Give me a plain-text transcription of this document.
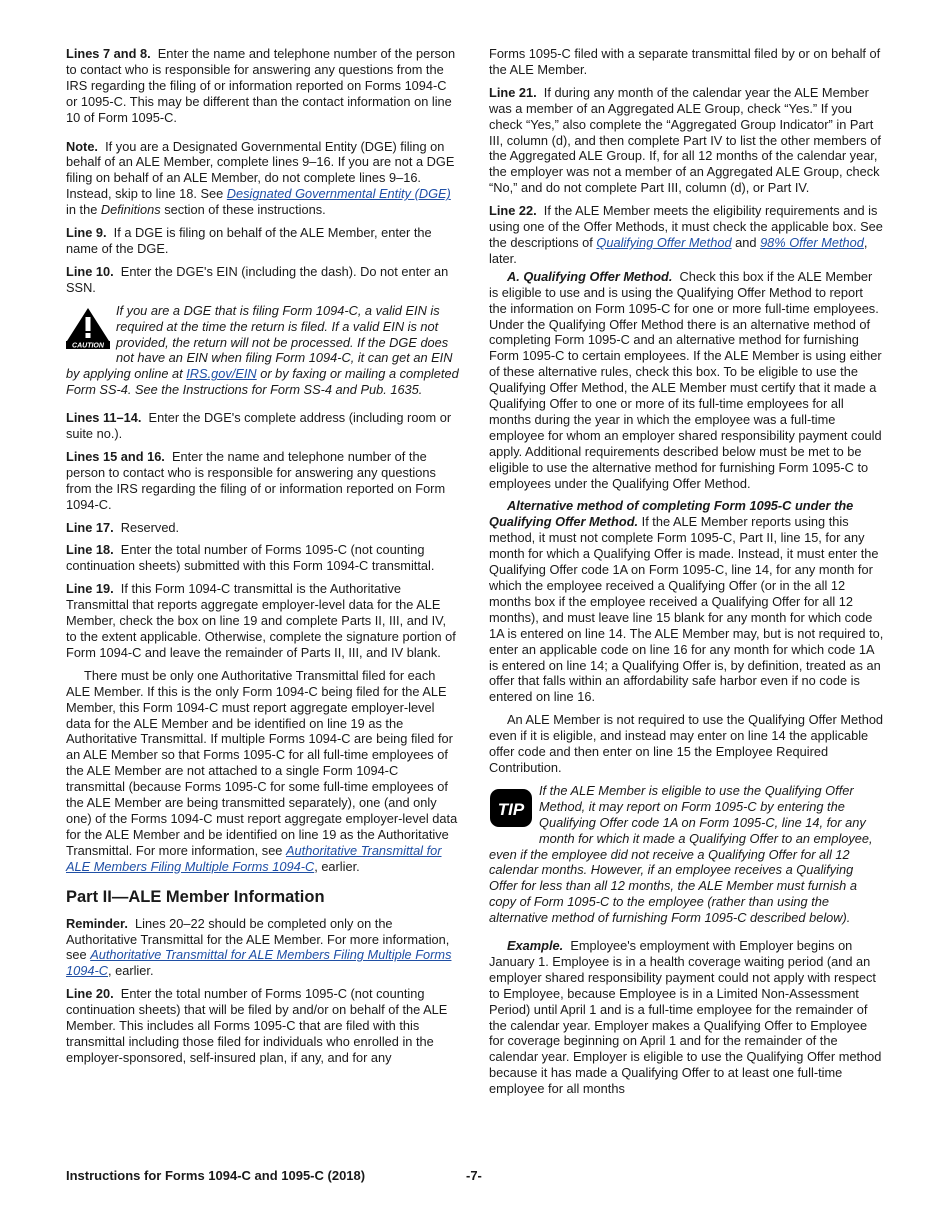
Lines 7 and 8. Enter the name and telephone number of the person to contact who is responsible for answering any questions from the IRS regarding the filing of or information reported on Forms 1094-C or 1095-C. This may be different than the contact information on line 10 of Form 1095-C.

Note. If you are a Designated Governmental Entity (DGE) filing on behalf of an ALE Member, complete lines 9–16. If you are not a DGE filing on behalf of an ALE Member, do not complete lines 9–16. Instead, skip to line 18. See Designated Governmental Entity (DGE) in the Definitions section of these instructions.

Line 9. If a DGE is filing on behalf of the ALE Member, enter the name of the DGE.

Line 10. Enter the DGE's EIN (including the dash). Do not enter an SSN.

CAUTION
If you are a DGE that is filing Form 1094-C, a valid EIN is required at the time the return is filed. If a valid EIN is not provided, the return will not be processed. If the DGE does not have an EIN when filing Form 1094-C, it can get an EIN by applying online at IRS.gov/EIN or by faxing or mailing a completed Form SS-4. See the Instructions for Form SS-4 and Pub. 1635.

Lines 11–14. Enter the DGE's complete address (including room or suite no.).

Lines 15 and 16. Enter the name and telephone number of the person to contact who is responsible for answering any questions from the IRS regarding the filing of or information reported on Form 1094-C.

Line 17. Reserved.

Line 18. Enter the total number of Forms 1095-C (not counting continuation sheets) submitted with this Form 1094-C transmittal.

Line 19. If this Form 1094-C transmittal is the Authoritative Transmittal that reports aggregate employer-level data for the ALE Member, check the box on line 19 and complete Parts II, III, and IV, to the extent applicable. Otherwise, complete the signature portion of Form 1094-C and leave the remainder of Parts II, III, and IV blank.

There must be only one Authoritative Transmittal filed for each ALE Member. If this is the only Form 1094-C being filed for the ALE Member, this Form 1094-C must report aggregate employer-level data for the ALE Member and be identified on line 19 as the Authoritative Transmittal. If multiple Forms 1094-C are being filed for an ALE Member so that Forms 1095-C for all full-time employees of the ALE Member are not attached to a single Form 1094-C transmittal (because Forms 1095-C for some full-time employees of the ALE Member are being transmitted separately), one (and only one) of the Forms 1094-C must report aggregate employer-level data for the ALE Member and be identified on line 19 as the Authoritative Transmittal. For more information, see Authoritative Transmittal for ALE Members Filing Multiple Forms 1094-C, earlier.

Part II—ALE Member Information

Reminder. Lines 20–22 should be completed only on the Authoritative Transmittal for the ALE Member. For more information, see Authoritative Transmittal for ALE Members Filing Multiple Forms 1094-C, earlier.

Line 20. Enter the total number of Forms 1095-C (not counting continuation sheets) that will be filed by and/or on behalf of the ALE Member. This includes all Forms 1095-C that are filed with this transmittal including those filed for individuals who enrolled in the employer-sponsored, self-insured plan, if any, and for any

Forms 1095-C filed with a separate transmittal filed by or on behalf of the ALE Member.

Line 21. If during any month of the calendar year the ALE Member was a member of an Aggregated ALE Group, check “Yes.” If you check “Yes,” also complete the “Aggregated Group Indicator” in Part III, column (d), and then complete Part IV to list the other members of the Aggregated ALE Group. If, for all 12 months of the calendar year, the employer was not a member of an Aggregated ALE Group, check “No,” and do not complete Part III, column (d), or Part IV.

Line 22. If the ALE Member meets the eligibility requirements and is using one of the Offer Methods, it must check the applicable box. See the descriptions of Qualifying Offer Method and 98% Offer Method, later.

A. Qualifying Offer Method. Check this box if the ALE Member is eligible to use and is using the Qualifying Offer Method to report the information on Form 1095-C for one or more full-time employees. Under the Qualifying Offer Method there is an alternative method of completing Form 1095-C and an alternative method for furnishing Form 1095-C to certain employees. If the ALE Member is using either of these alternative rules, check this box. To be eligible to use the Qualifying Offer Method, the ALE Member must certify that it made a Qualifying Offer to one or more of its full-time employees for all months during the year in which the employee was a full-time employee for whom an employer shared responsibility payment could apply. Additional requirements described below must be met to be eligible to use the alternative method for furnishing Form 1095-C to employees under the Qualifying Offer Method.

Alternative method of completing Form 1095-C under the Qualifying Offer Method. If the ALE Member reports using this method, it must not complete Form 1095-C, Part II, line 15, for any month for which a Qualifying Offer is made. Instead, it must enter the Qualifying Offer code 1A on Form 1095-C, line 14, for any month for which the employee received a Qualifying Offer (or in the all 12 months box if the employee received a Qualifying Offer for all 12 months), and must leave line 15 blank for any month for which code 1A is entered on line 14. The ALE Member may, but is not required to, enter an applicable code on line 16 for any month for which code 1A is entered on line 14; a Qualifying Offer is, by definition, treated as an offer that falls within an affordability safe harbor even if no code is entered on line 16.

An ALE Member is not required to use the Qualifying Offer Method even if it is eligible, and instead may enter on line 14 the applicable offer code and then enter on line 15 the Employee Required Contribution.

TIP
If the ALE Member is eligible to use the Qualifying Offer Method, it may report on Form 1095-C by entering the Qualifying Offer code 1A on Form 1095-C, line 14, for any month for which it made a Qualifying Offer to an employee, even if the employee did not receive a Qualifying Offer for all 12 calendar months. However, if an employee receives a Qualifying Offer for less than all 12 months, the ALE Member must furnish a copy of Form 1095-C to the employee (rather than using the alternative method of furnishing Form 1095-C described below).

Example. Employee's employment with Employer begins on January 1. Employee is in a health coverage waiting period (and an employer shared responsibility payment could not apply with respect to Employee, because Employee is in a Limited Non-Assessment Period) until April 1 and is a full-time employee for the remainder of the calendar year. Employer makes a Qualifying Offer to Employee for coverage beginning on April 1 and for the remainder of the calendar year. Employer is eligible to use the Qualifying Offer method because it has made a Qualifying Offer to at least one full-time employee for all months

Instructions for Forms 1094-C and 1095-C (2018)	-7-
